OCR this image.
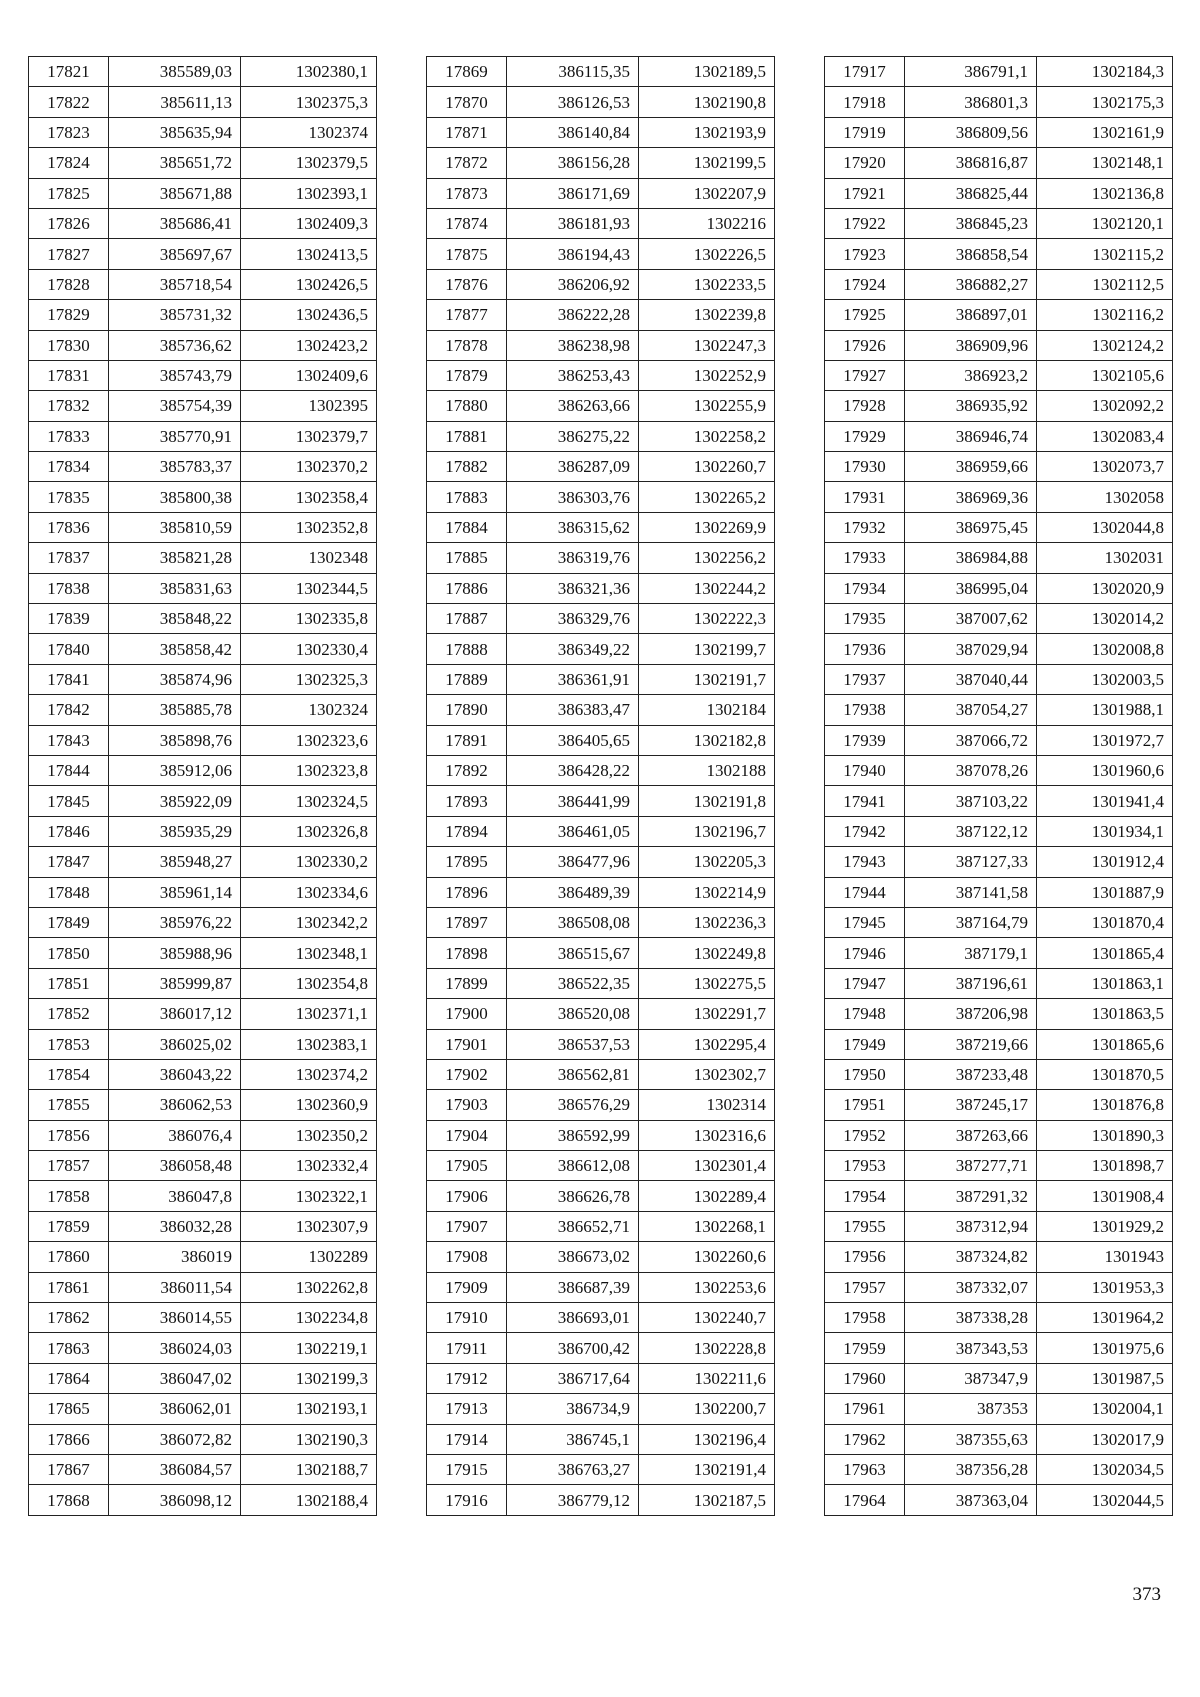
17821	385589,03	1302380,1
17822	385611,13	1302375,3
17823	385635,94	1302374
17824	385651,72	1302379,5
17825	385671,88	1302393,1
17826	385686,41	1302409,3
17827	385697,67	1302413,5
17828	385718,54	1302426,5
17829	385731,32	1302436,5
17830	385736,62	1302423,2
17831	385743,79	1302409,6
17832	385754,39	1302395
17833	385770,91	1302379,7
17834	385783,37	1302370,2
17835	385800,38	1302358,4
17836	385810,59	1302352,8
17837	385821,28	1302348
17838	385831,63	1302344,5
17839	385848,22	1302335,8
17840	385858,42	1302330,4
17841	385874,96	1302325,3
17842	385885,78	1302324
17843	385898,76	1302323,6
17844	385912,06	1302323,8
17845	385922,09	1302324,5
17846	385935,29	1302326,8
17847	385948,27	1302330,2
17848	385961,14	1302334,6
17849	385976,22	1302342,2
17850	385988,96	1302348,1
17851	385999,87	1302354,8
17852	386017,12	1302371,1
17853	386025,02	1302383,1
17854	386043,22	1302374,2
17855	386062,53	1302360,9
17856	386076,4	1302350,2
17857	386058,48	1302332,4
17858	386047,8	1302322,1
17859	386032,28	1302307,9
17860	386019	1302289
17861	386011,54	1302262,8
17862	386014,55	1302234,8
17863	386024,03	1302219,1
17864	386047,02	1302199,3
17865	386062,01	1302193,1
17866	386072,82	1302190,3
17867	386084,57	1302188,7
17868	386098,12	1302188,4
17869	386115,35	1302189,5
17870	386126,53	1302190,8
17871	386140,84	1302193,9
17872	386156,28	1302199,5
17873	386171,69	1302207,9
17874	386181,93	1302216
17875	386194,43	1302226,5
17876	386206,92	1302233,5
17877	386222,28	1302239,8
17878	386238,98	1302247,3
17879	386253,43	1302252,9
17880	386263,66	1302255,9
17881	386275,22	1302258,2
17882	386287,09	1302260,7
17883	386303,76	1302265,2
17884	386315,62	1302269,9
17885	386319,76	1302256,2
17886	386321,36	1302244,2
17887	386329,76	1302222,3
17888	386349,22	1302199,7
17889	386361,91	1302191,7
17890	386383,47	1302184
17891	386405,65	1302182,8
17892	386428,22	1302188
17893	386441,99	1302191,8
17894	386461,05	1302196,7
17895	386477,96	1302205,3
17896	386489,39	1302214,9
17897	386508,08	1302236,3
17898	386515,67	1302249,8
17899	386522,35	1302275,5
17900	386520,08	1302291,7
17901	386537,53	1302295,4
17902	386562,81	1302302,7
17903	386576,29	1302314
17904	386592,99	1302316,6
17905	386612,08	1302301,4
17906	386626,78	1302289,4
17907	386652,71	1302268,1
17908	386673,02	1302260,6
17909	386687,39	1302253,6
17910	386693,01	1302240,7
17911	386700,42	1302228,8
17912	386717,64	1302211,6
17913	386734,9	1302200,7
17914	386745,1	1302196,4
17915	386763,27	1302191,4
17916	386779,12	1302187,5
17917	386791,1	1302184,3
17918	386801,3	1302175,3
17919	386809,56	1302161,9
17920	386816,87	1302148,1
17921	386825,44	1302136,8
17922	386845,23	1302120,1
17923	386858,54	1302115,2
17924	386882,27	1302112,5
17925	386897,01	1302116,2
17926	386909,96	1302124,2
17927	386923,2	1302105,6
17928	386935,92	1302092,2
17929	386946,74	1302083,4
17930	386959,66	1302073,7
17931	386969,36	1302058
17932	386975,45	1302044,8
17933	386984,88	1302031
17934	386995,04	1302020,9
17935	387007,62	1302014,2
17936	387029,94	1302008,8
17937	387040,44	1302003,5
17938	387054,27	1301988,1
17939	387066,72	1301972,7
17940	387078,26	1301960,6
17941	387103,22	1301941,4
17942	387122,12	1301934,1
17943	387127,33	1301912,4
17944	387141,58	1301887,9
17945	387164,79	1301870,4
17946	387179,1	1301865,4
17947	387196,61	1301863,1
17948	387206,98	1301863,5
17949	387219,66	1301865,6
17950	387233,48	1301870,5
17951	387245,17	1301876,8
17952	387263,66	1301890,3
17953	387277,71	1301898,7
17954	387291,32	1301908,4
17955	387312,94	1301929,2
17956	387324,82	1301943
17957	387332,07	1301953,3
17958	387338,28	1301964,2
17959	387343,53	1301975,6
17960	387347,9	1301987,5
17961	387353	1302004,1
17962	387355,63	1302017,9
17963	387356,28	1302034,5
17964	387363,04	1302044,5
373
